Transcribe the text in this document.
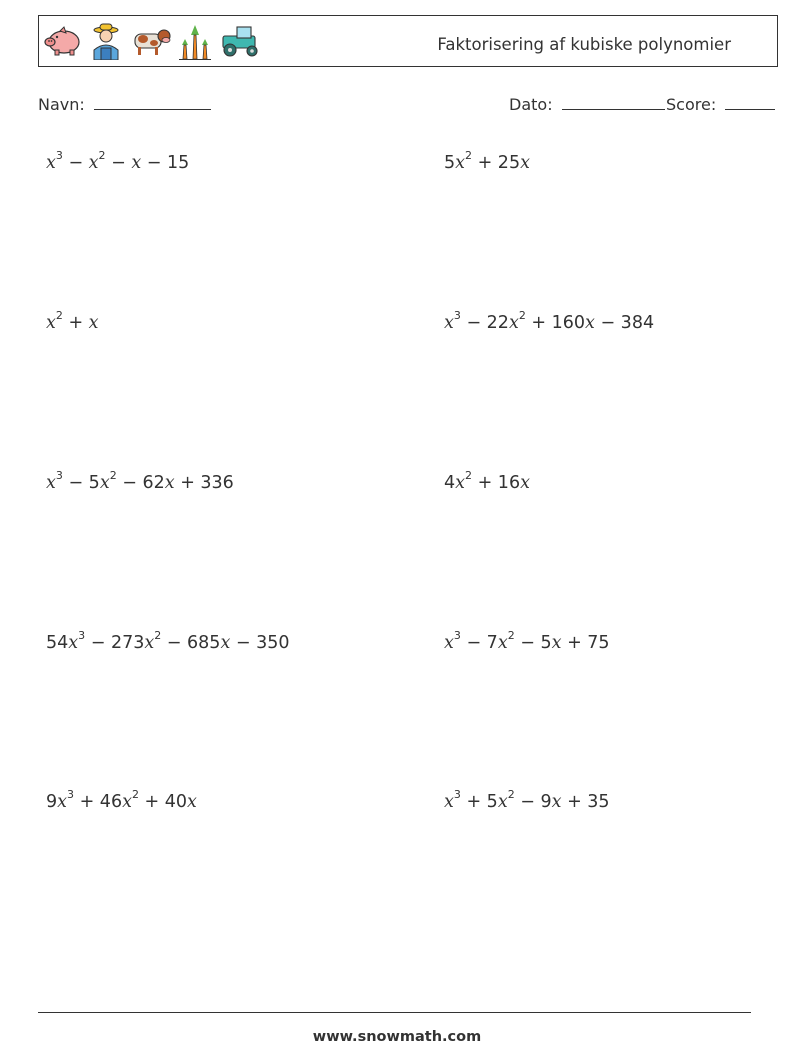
Faktorisering af kubiske polynomier
Navn:	Dato:	Score:
$x^3 - x^2 - x - 15$	$5x^2 + 25x$
$x^2 + x$	$x^3 - 22x^2 + 160x - 384$
$x^3 - 5x^2 - 62x + 336$	$4x^2 + 16x$
$54x^3 - 273x^2 - 685x - 350$	$x^3 - 7x^2 - 5x + 75$
$9x^3 + 46x^2 + 40x$	$x^3 + 5x^2 - 9x + 35$
www.snowmath.com
